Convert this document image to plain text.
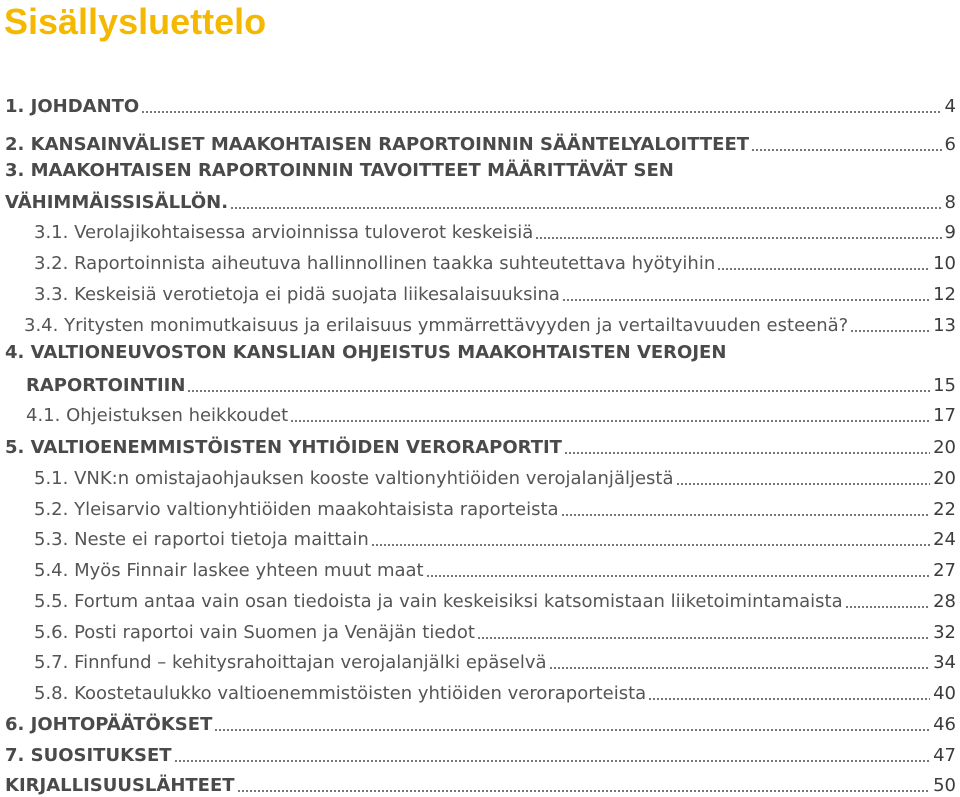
Sisällysluettelo
1. JOHDANTO	4
2. KANSAINVÄLISET MAAKOHTAISEN RAPORTOINNIN SÄÄNTELYALOITTEET	6
3. MAAKOHTAISEN RAPORTOINNIN TAVOITTEET MÄÄRITTÄVÄT SEN
VÄHIMMÄISSISÄLLÖN.	8
3.1. Verolajikohtaisessa arvioinnissa tuloverot keskeisiä	9
3.2. Raportoinnista aiheutuva hallinnollinen taakka suhteutettava hyötyihin	10
3.3. Keskeisiä verotietoja ei pidä suojata liikesalaisuuksina	12
3.4. Yritysten monimutkaisuus ja erilaisuus ymmärrettävyyden ja vertailtavuuden esteenä?	13
4. VALTIONEUVOSTON KANSLIAN OHJEISTUS MAAKOHTAISTEN VEROJEN
RAPORTOINTIIN	15
4.1. Ohjeistuksen heikkoudet	17
5. VALTIOENEMMISTÖISTEN YHTIÖIDEN VERORAPORTIT	20
5.1. VNK:n omistajaohjauksen kooste valtionyhtiöiden verojalanjäljestä	20
5.2. Yleisarvio valtionyhtiöiden maakohtaisista raporteista	22
5.3. Neste ei raportoi tietoja maittain	24
5.4. Myös Finnair laskee yhteen muut maat	27
5.5. Fortum antaa vain osan tiedoista ja vain keskeisiksi katsomistaan liiketoimintamaista	28
5.6. Posti raportoi vain Suomen ja Venäjän tiedot	32
5.7. Finnfund – kehitysrahoittajan verojalanjälki epäselvä	34
5.8. Koostetaulukko valtioenemmistöisten yhtiöiden veroraporteista	40
6. JOHTOPÄÄTÖKSET	46
7. SUOSITUKSET	47
KIRJALLISUUSLÄHTEET	50
